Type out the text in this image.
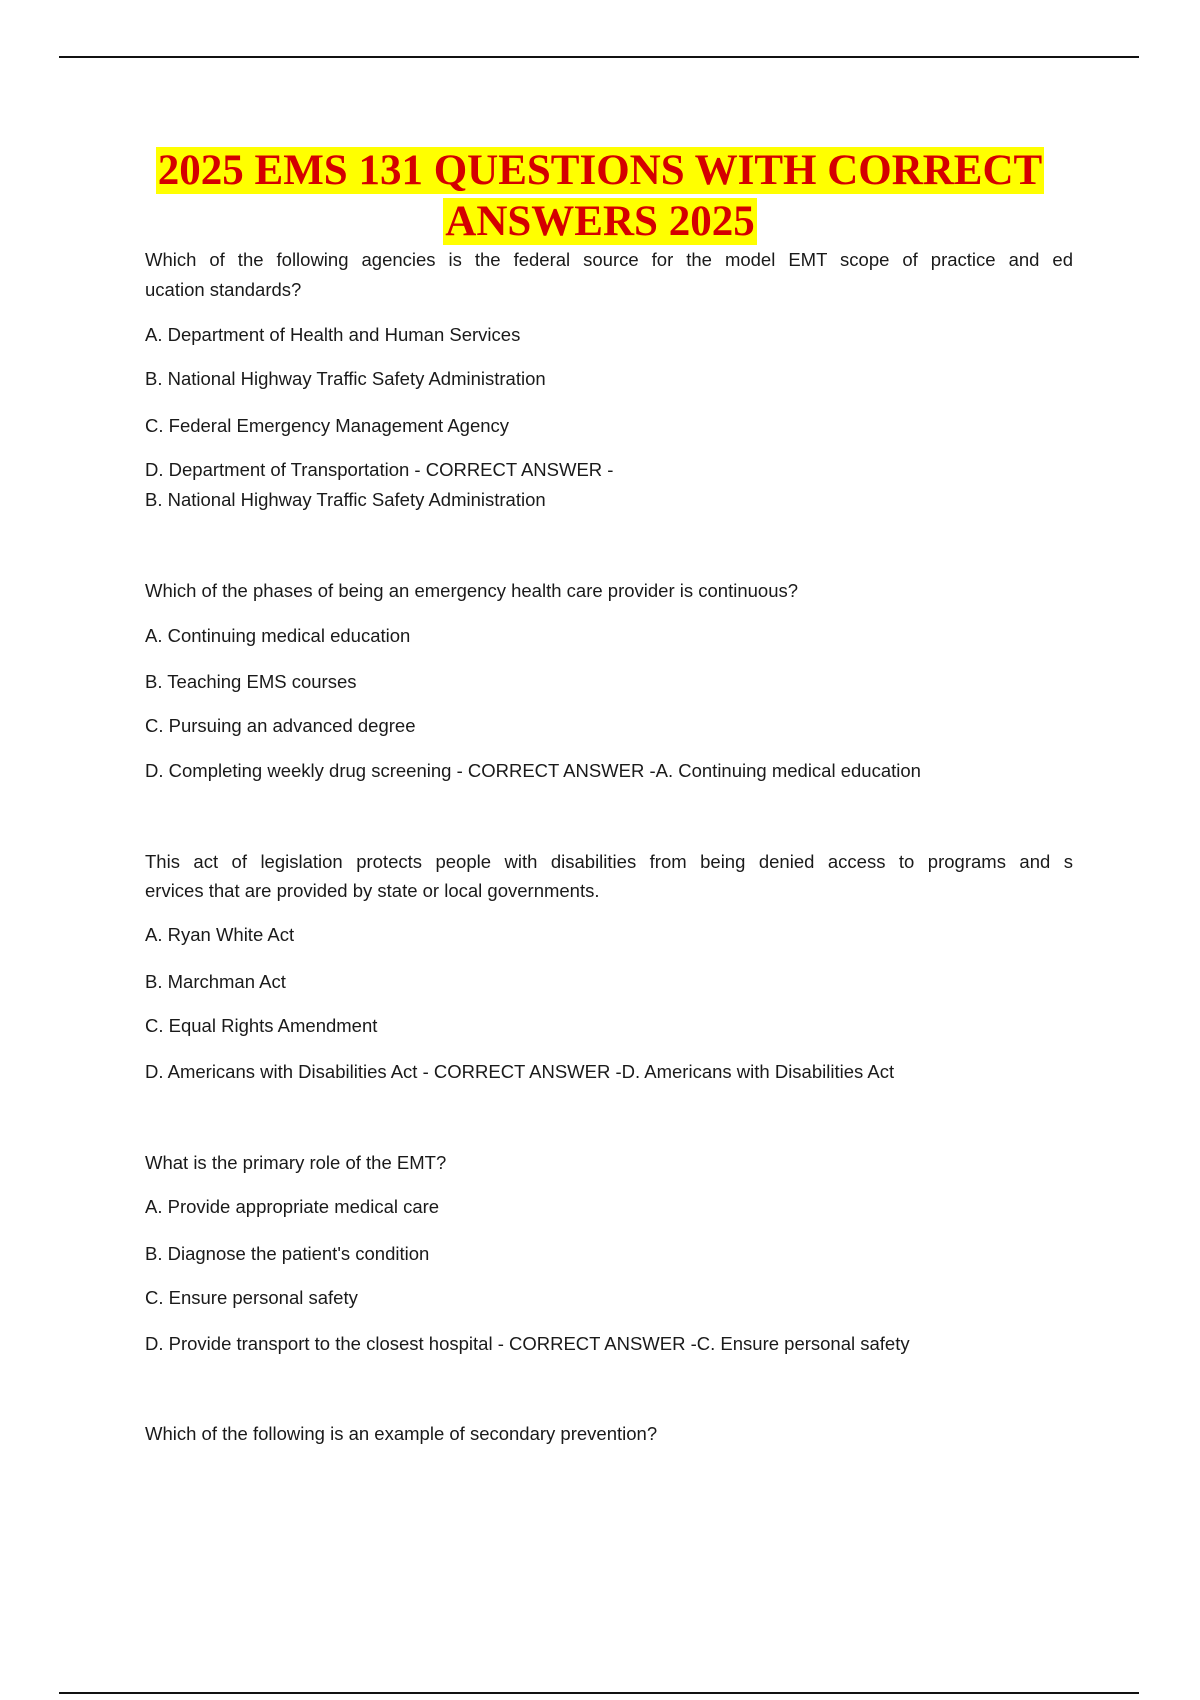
2025 EMS 131 QUESTIONS WITH CORRECT
ANSWERS 2025
Which of the following agencies is the federal source for the model EMT scope of practice and ed
ucation standards?
A. Department of Health and Human Services
B. National Highway Traffic Safety Administration
C. Federal Emergency Management Agency
D. Department of Transportation - CORRECT ANSWER -
B. National Highway Traffic Safety Administration
Which of the phases of being an emergency health care provider is continuous?
A. Continuing medical education
B. Teaching EMS courses
C. Pursuing an advanced degree
D. Completing weekly drug screening - CORRECT ANSWER -A. Continuing medical education
This act of legislation protects people with disabilities from being denied access to programs and s
ervices that are provided by state or local governments.
A. Ryan White Act
B. Marchman Act
C. Equal Rights Amendment
D. Americans with Disabilities Act - CORRECT ANSWER -D. Americans with Disabilities Act
What is the primary role of the EMT?
A. Provide appropriate medical care
B. Diagnose the patient's condition
C. Ensure personal safety
D. Provide transport to the closest hospital - CORRECT ANSWER -C. Ensure personal safety
Which of the following is an example of secondary prevention?
